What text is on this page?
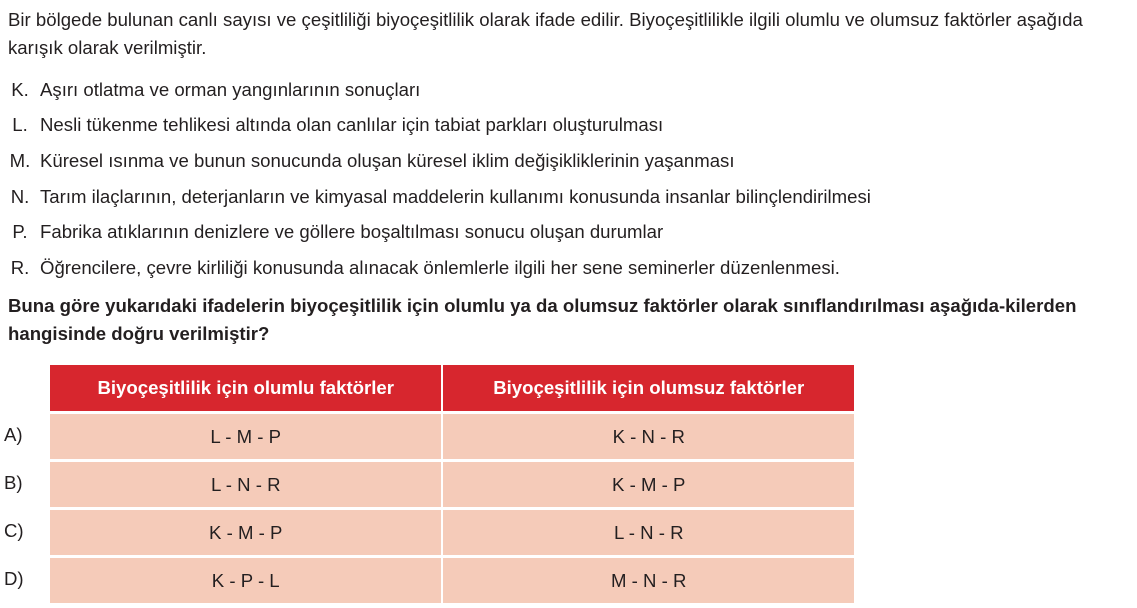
Bir bölgede bulunan canlı sayısı ve çeşitliliği biyoçeşitlilik olarak ifade edilir. Biyoçeşitlilikle ilgili olumlu ve olumsuz faktörler aşağıda karışık olarak verilmiştir.

K. Aşırı otlatma ve orman yangınlarının sonuçları
L. Nesli tükenme tehlikesi altında olan canlılar için tabiat parkları oluşturulması
M. Küresel ısınma ve bunun sonucunda oluşan küresel iklim değişikliklerinin yaşanması
N. Tarım ilaçlarının, deterjanların ve kimyasal maddelerin kullanımı konusunda insanlar bilinçlendirilmesi
P. Fabrika atıklarının denizlere ve göllere boşaltılması sonucu oluşan durumlar
R. Öğrencilere, çevre kirliliği konusunda alınacak önlemlerle ilgili her sene seminerler düzenlenmesi.

Buna göre yukarıdaki ifadelerin biyoçeşitlilik için olumlu ya da olumsuz faktörler olarak sınıflandırılması aşağıda-kilerden hangisinde doğru verilmiştir?

A)
B)
C)
D)
Biyoçeşitlilik için olumlu faktörler	Biyoçeşitlilik için olumsuz faktörler
L - M - P	K - N - R
L - N - R	K - M - P
K - M - P	L - N - R
K - P - L	M - N - R
